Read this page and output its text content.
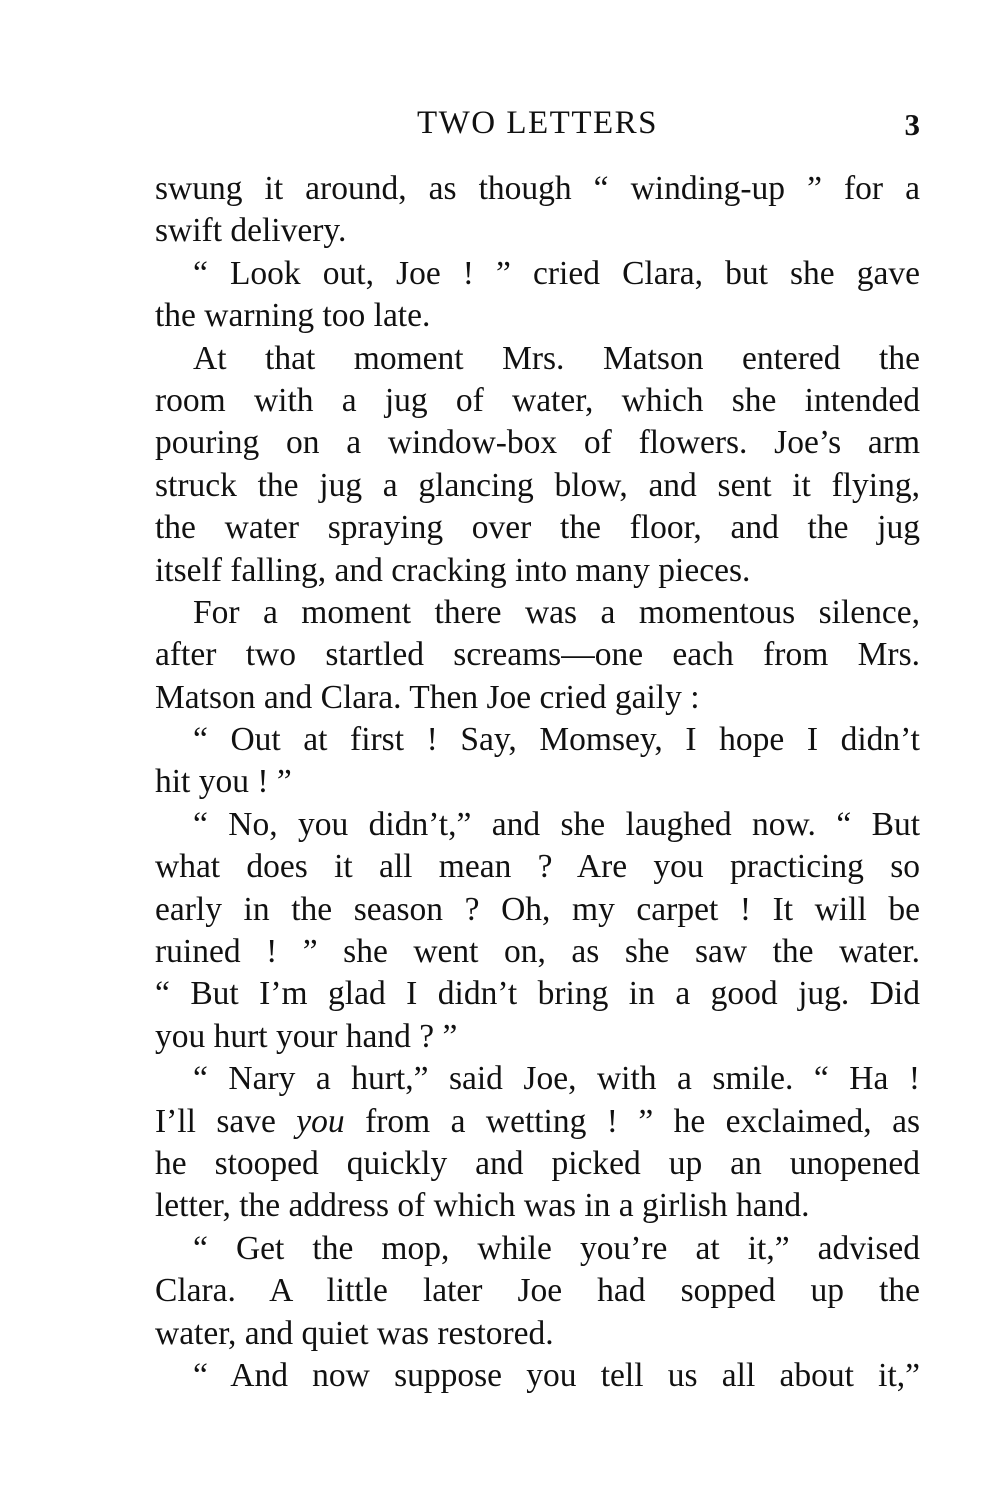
TWO LETTERS	3
swung it around, as though “ winding-up ” for a
swift delivery.
“ Look out, Joe ! ” cried Clara, but she gave
the warning too late.
At that moment Mrs. Matson entered the
room with a jug of water, which she intended
pouring on a window-box of flowers. Joe’s arm
struck the jug a glancing blow, and sent it flying,
the water spraying over the floor, and the jug
itself falling, and cracking into many pieces.
For a moment there was a momentous silence,
after two startled screams—one each from Mrs.
Matson and Clara. Then Joe cried gaily :
“ Out at first ! Say, Momsey, I hope I didn’t
hit you ! ”
“ No, you didn’t,” and she laughed now. “ But
what does it all mean ? Are you practicing so
early in the season ? Oh, my carpet ! It will be
ruined ! ” she went on, as she saw the water.
“ But I’m glad I didn’t bring in a good jug. Did
you hurt your hand ? ”
“ Nary a hurt,” said Joe, with a smile. “ Ha !
I’ll save you from a wetting ! ” he exclaimed, as
he stooped quickly and picked up an unopened
letter, the address of which was in a girlish hand.
“ Get the mop, while you’re at it,” advised
Clara. A little later Joe had sopped up the
water, and quiet was restored.
“ And now suppose you tell us all about it,”
